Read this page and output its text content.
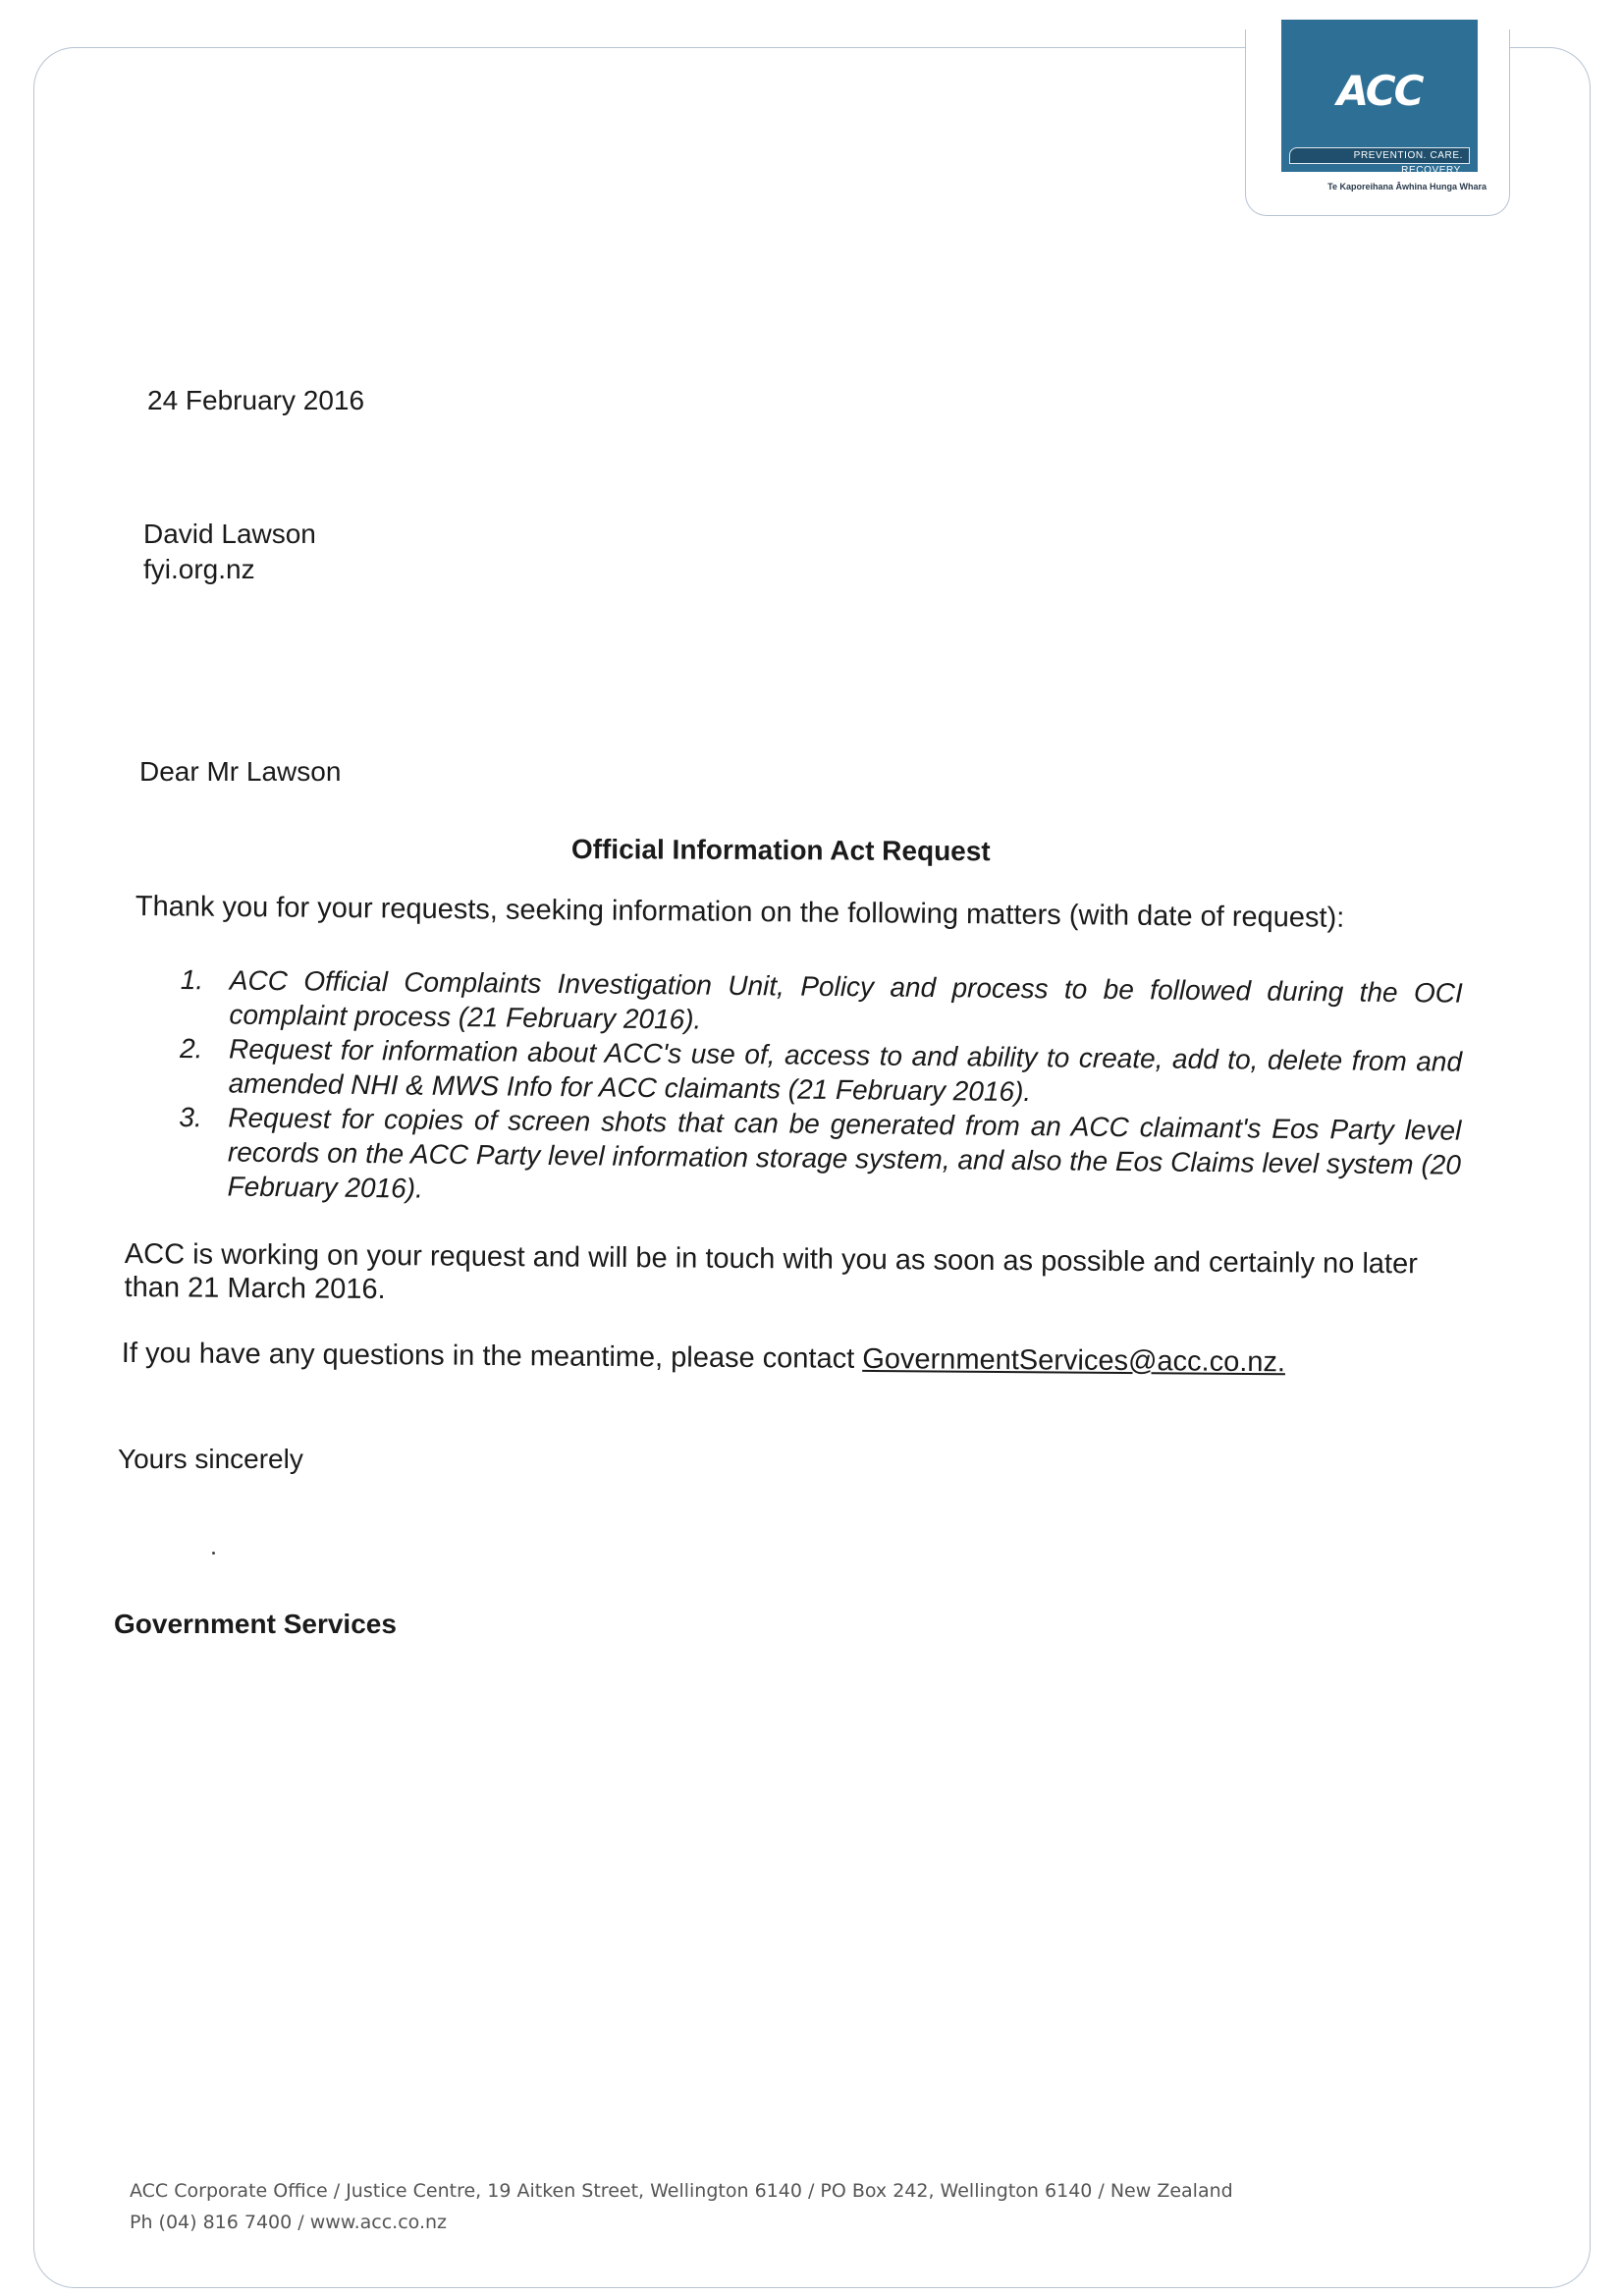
ACC
PREVENTION. CARE. RECOVERY.
Te Kaporeihana Āwhina Hunga Whara
24 February 2016
David Lawson
fyi.org.nz
Dear Mr Lawson
Official Information Act Request
Thank you for your requests, seeking information on the following matters (with date of request):
1. ACC Official Complaints Investigation Unit, Policy and process to be followed during the OCI complaint process (21 February 2016).
2. Request for information about ACC's use of, access to and ability to create, add to, delete from and amended NHI & MWS Info for ACC claimants (21 February 2016).
3. Request for copies of screen shots that can be generated from an ACC claimant's Eos Party level records on the ACC Party level information storage system, and also the Eos Claims level system (20 February 2016).
ACC is working on your request and will be in touch with you as soon as possible and certainly no later than 21 March 2016.
If you have any questions in the meantime, please contact GovernmentServices@acc.co.nz.
Yours sincerely
Government Services
ACC Corporate Office / Justice Centre, 19 Aitken Street, Wellington 6140 / PO Box 242, Wellington 6140 / New Zealand
Ph (04) 816 7400 / www.acc.co.nz
